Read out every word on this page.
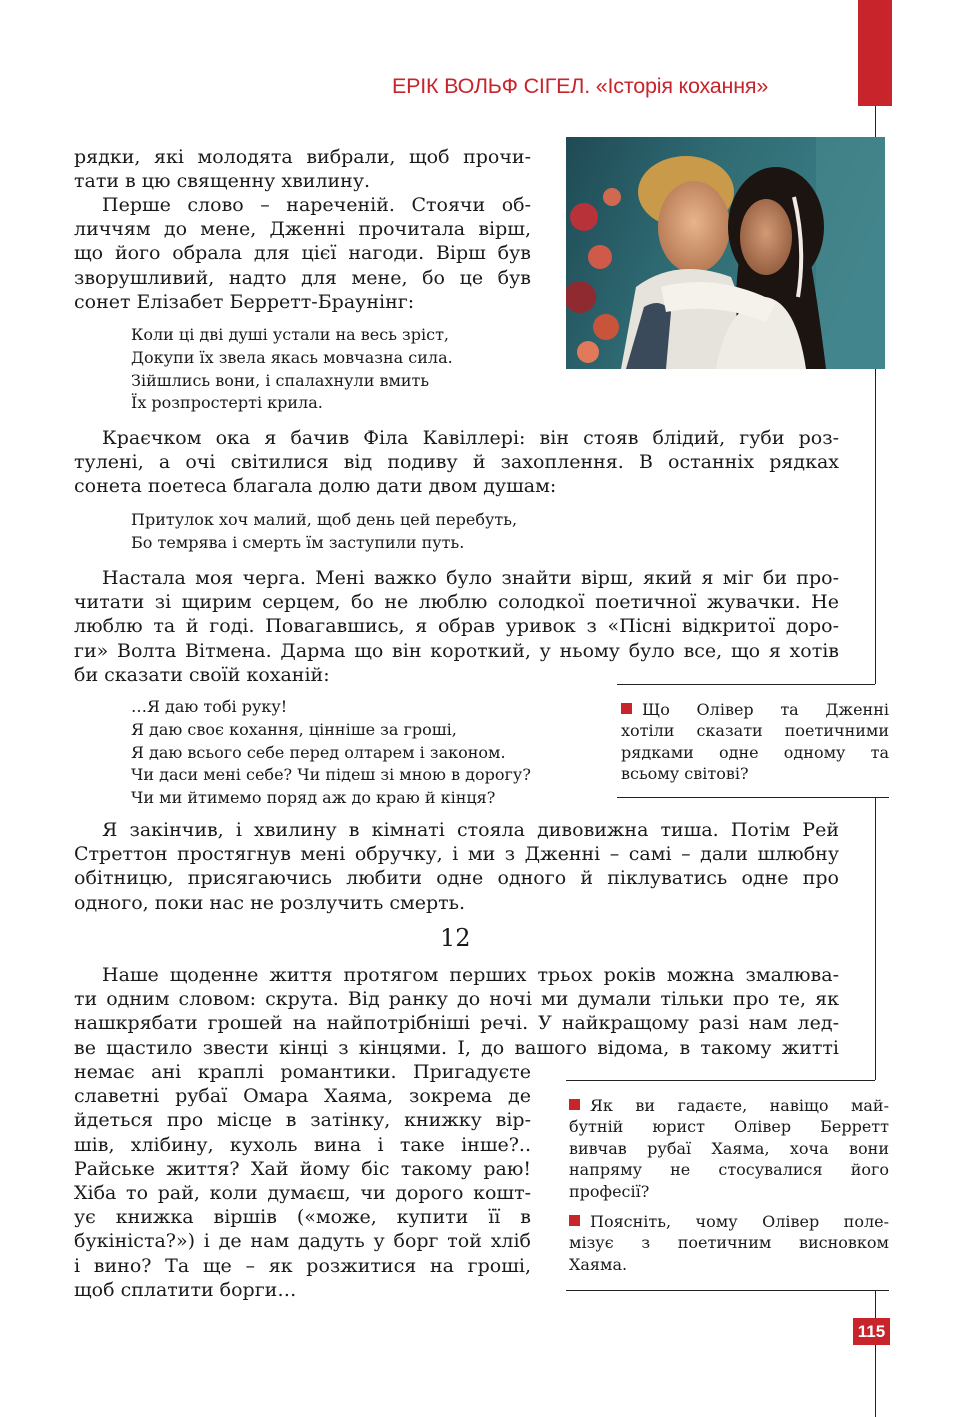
ЕРІК ВОЛЬФ СІГЕЛ. «Історія кохання»
рядки, які молодята вибрали, щоб прочи-
тати в цю священну хвилину.
Перше слово – нареченій. Стоячи об-
личчям до мене, Дженні прочитала вірш,
що його обрала для цієї нагоди. Вірш був
зворушливий, надто для мене, бо це був
сонет Елізабет Берретт-Браунінг:
Коли ці дві душі устали на весь зріст,
Докупи їх звела якась мовчазна сила.
Зійшлись вони, і спалахнули вмить
Їх розпростерті крила.
Краєчком ока я бачив Філа Кавіллері: він стояв блідий, губи роз-
тулені, а очі світилися від подиву й захоплення. В останніх рядках
сонета поетеса благала долю дати двом душам:
Притулок хоч малий, щоб день цей перебуть,
Бо темрява і смерть їм заступили путь.
Настала моя черга. Мені важко було знайти вірш, який я міг би про-
читати зі щирим серцем, бо не люблю солодкої поетичної жувачки. Не
люблю та й годі. Повагавшись, я обрав уривок з «Пісні відкритої доро-
ги» Волта Вітмена. Дарма що він короткий, у ньому було все, що я хотів
би сказати своїй коханій:
…Я даю тобі руку!
Я даю своє кохання, цінніше за гроші,
Я даю всього себе перед олтарем і законом.
Чи даси мені себе? Чи підеш зі мною в дорогу?
Чи ми йтимемо поряд аж до краю й кінця?
Що Олівер та Дженні
хотіли сказати поетичними
рядками одне одному та
всьому світові?
Я закінчив, і хвилину в кімнаті стояла дивовижна тиша. Потім Рей
Стреттон простягнув мені обручку, і ми з Дженні – самі – дали шлюбну
обітницю, присягаючись любити одне одного й піклуватись одне про
одного, поки нас не розлучить смерть.
12
Наше щоденне життя протягом перших трьох років можна змалюва-
ти одним словом: скрута. Від ранку до ночі ми думали тільки про те, як
нашкрябати грошей на найпотрібніші речі. У найкращому разі нам лед-
ве щастило звести кінці з кінцями. І, до вашого відома, в такому житті
немає ані краплі романтики. Пригадуєте
славетні рубаї Омара Хаяма, зокрема де
йдеться про місце в затінку, книжку вір-
шів, хлібину, кухоль вина і таке інше?..
Райське життя? Хай йому біс такому раю!
Хіба то рай, коли думаєш, чи дорого кошт-
ує книжка віршів («може, купити її в
букініста?») і де нам дадуть у борг той хліб
і вино? Та ще – як розжитися на гроші,
щоб сплатити борги…
Як ви гадаєте, навіщо май-
бутній юрист Олівер Берретт
вивчав рубаї Хаяма, хоча вони
напряму не стосувалися його
професії?
Поясніть, чому Олівер поле-
мізує з поетичним висновком
Хаяма.
115
